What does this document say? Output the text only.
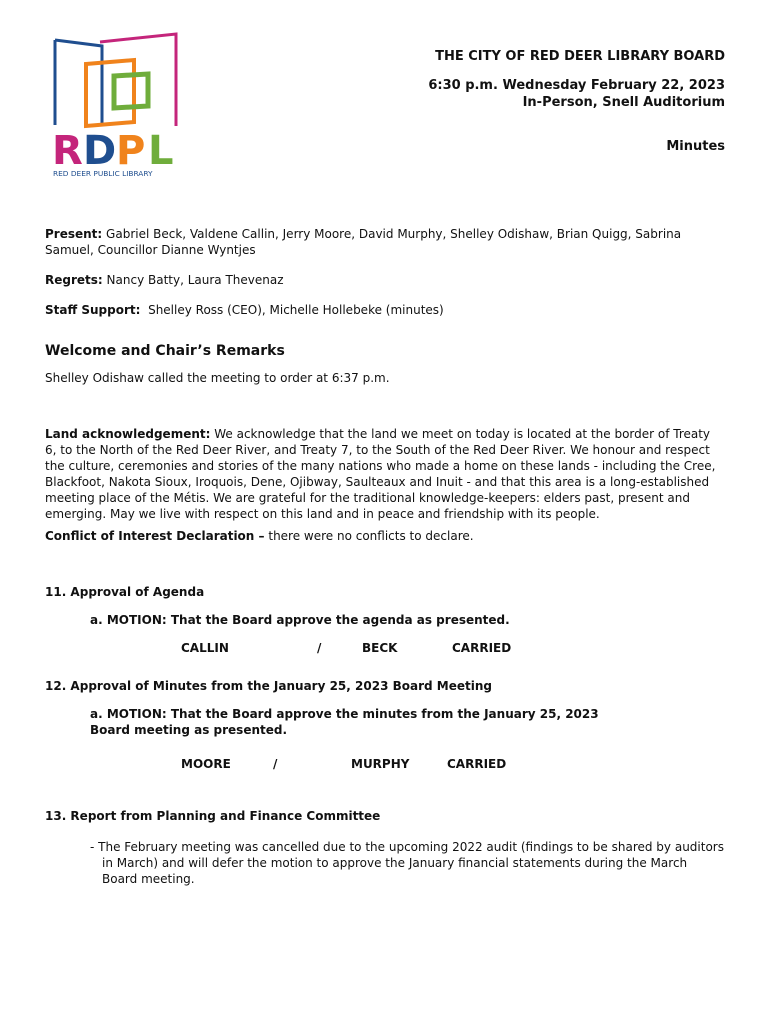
R D P L
RED DEER PUBLIC LIBRARY
THE CITY OF RED DEER LIBRARY BOARD
6:30 p.m. Wednesday February 22, 2023
In-Person, Snell Auditorium
Minutes

Present: Gabriel Beck, Valdene Callin, Jerry Moore, David Murphy, Shelley Odishaw, Brian Quigg, Sabrina Samuel, Councillor Dianne Wyntjes

Regrets: Nancy Batty, Laura Thevenaz

Staff Support: Shelley Ross (CEO), Michelle Hollebeke (minutes)

Welcome and Chair’s Remarks

Shelley Odishaw called the meeting to order at 6:37 p.m.

Land acknowledgement: We acknowledge that the land we meet on today is located at the border of Treaty 6, to the North of the Red Deer River, and Treaty 7, to the South of the Red Deer River. We honour and respect the culture, ceremonies and stories of the many nations who made a home on these lands - including the Cree, Blackfoot, Nakota Sioux, Iroquois, Dene, Ojibway, Saulteaux and Inuit - and that this area is a long-established meeting place of the Métis. We are grateful for the traditional knowledge-keepers: elders past, present and emerging. May we live with respect on this land and in peace and friendship with its people.

Conflict of Interest Declaration – there were no conflicts to declare.

11. Approval of Agenda

a. MOTION: That the Board approve the agenda as presented.

CALLIN	/	BECK	CARRIED

12. Approval of Minutes from the January 25, 2023 Board Meeting

a. MOTION: That the Board approve the minutes from the January 25, 2023

Board meeting as presented.

MOORE	/	MURPHY	CARRIED

13. Report from Planning and Finance Committee

- The February meeting was cancelled due to the upcoming 2022 audit (findings to be shared by auditors in March) and will defer the motion to approve the January financial statements during the March Board meeting.
